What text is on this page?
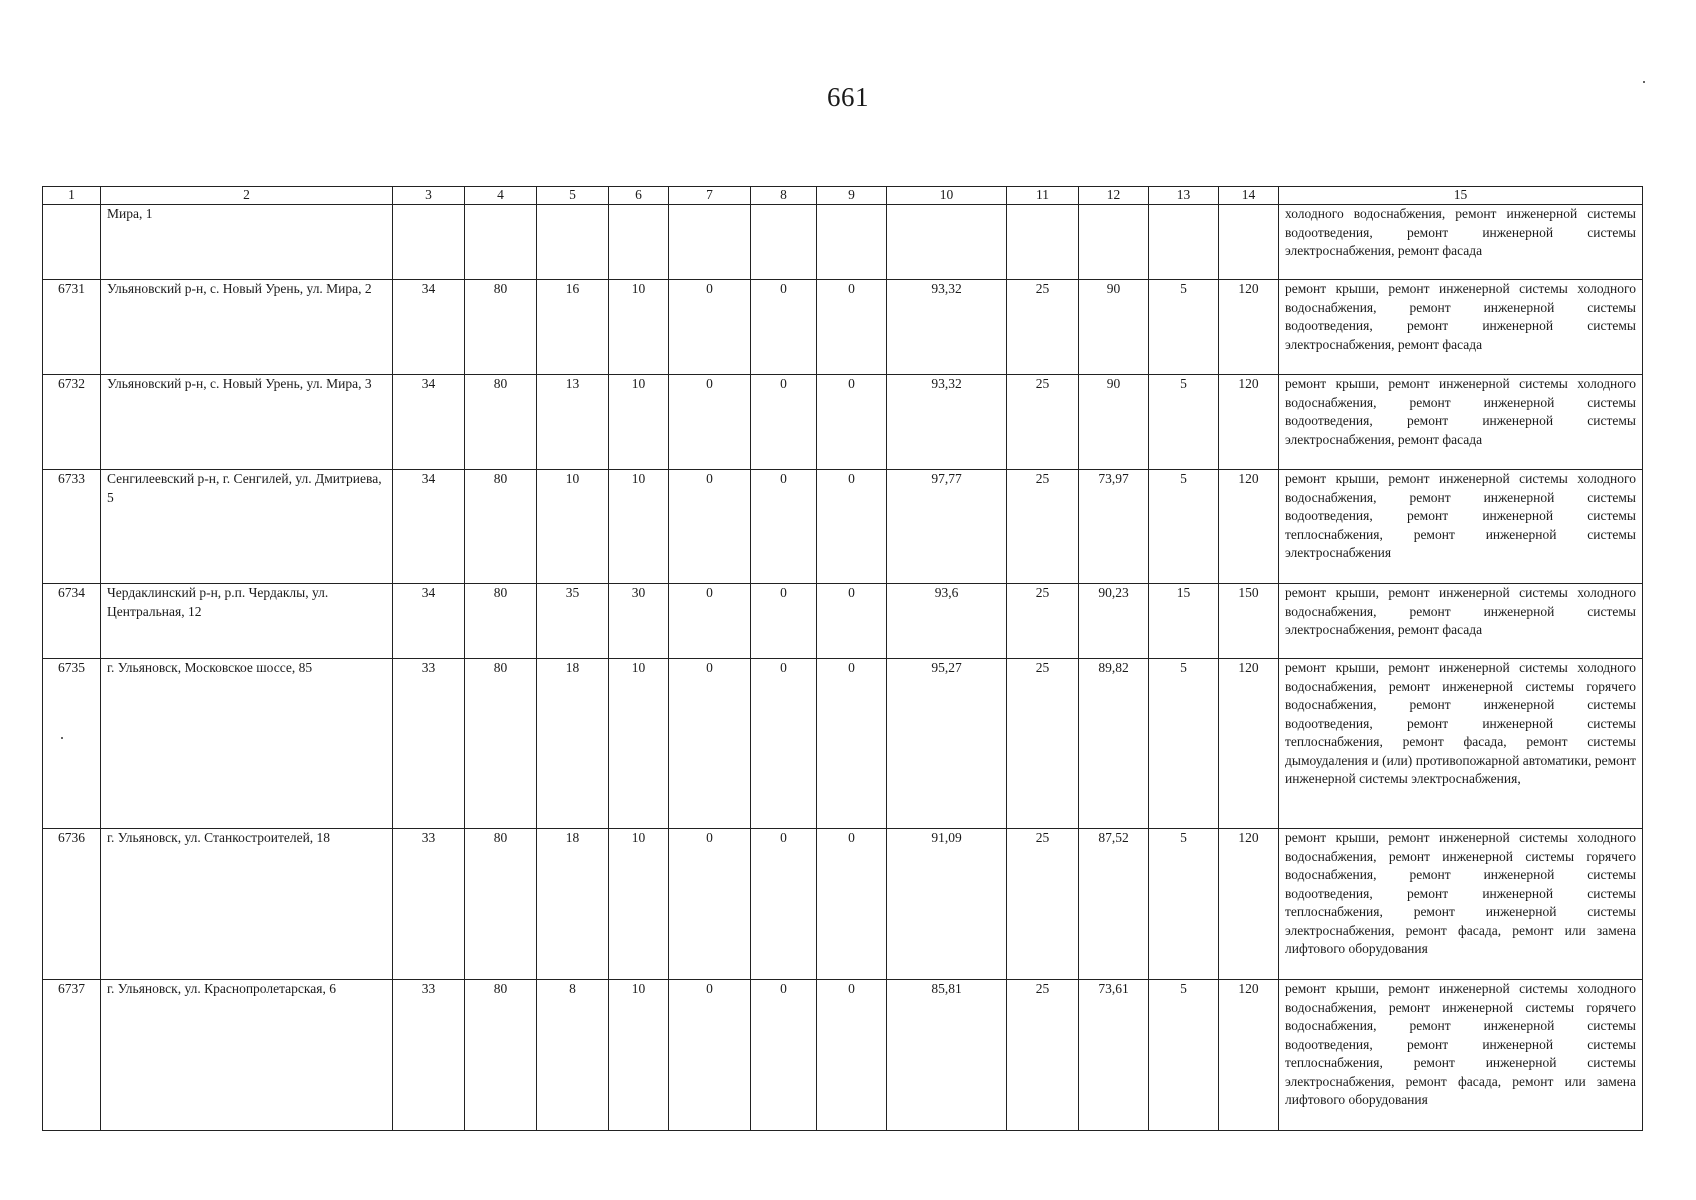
661
1	2	3	4	5	6	7	8	9	10	11	12	13	14	15
	Мира, 1													холодного водоснабжения, ремонт инженерной системы водоотведения, ремонт инженерной системы электроснабжения, ремонт фасада
6731	Ульяновский р-н, с. Новый Урень, ул. Мира, 2	34	80	16	10	0	0	0	93,32	25	90	5	120	ремонт крыши, ремонт инженерной системы холодного водоснабжения, ремонт инженерной системы водоотведения, ремонт инженерной системы электроснабжения, ремонт фасада
6732	Ульяновский р-н, с. Новый Урень, ул. Мира, 3	34	80	13	10	0	0	0	93,32	25	90	5	120	ремонт крыши, ремонт инженерной системы холодного водоснабжения, ремонт инженерной системы водоотведения, ремонт инженерной системы электроснабжения, ремонт фасада
6733	Сенгилеевский р-н, г. Сенгилей, ул. Дмитриева, 5	34	80	10	10	0	0	0	97,77	25	73,97	5	120	ремонт крыши, ремонт инженерной системы холодного водоснабжения, ремонт инженерной системы водоотведения, ремонт инженерной системы теплоснабжения, ремонт инженерной системы электроснабжения
6734	Чердаклинский р-н, р.п. Чердаклы, ул. Центральная, 12	34	80	35	30	0	0	0	93,6	25	90,23	15	150	ремонт крыши, ремонт инженерной системы холодного водоснабжения, ремонт инженерной системы электроснабжения, ремонт фасада
6735	г. Ульяновск, Московское шоссе, 85	33	80	18	10	0	0	0	95,27	25	89,82	5	120	ремонт крыши, ремонт инженерной системы холодного водоснабжения, ремонт инженерной системы горячего водоснабжения, ремонт инженерной системы водоотведения, ремонт инженерной системы теплоснабжения, ремонт фасада, ремонт системы дымоудаления и (или) противопожарной автоматики, ремонт инженерной системы электроснабжения,
6736	г. Ульяновск, ул. Станкостроителей, 18	33	80	18	10	0	0	0	91,09	25	87,52	5	120	ремонт крыши, ремонт инженерной системы холодного водоснабжения, ремонт инженерной системы горячего водоснабжения, ремонт инженерной системы водоотведения, ремонт инженерной системы теплоснабжения, ремонт инженерной системы электроснабжения, ремонт фасада, ремонт или замена лифтового оборудования
6737	г. Ульяновск, ул. Краснопролетарская, 6	33	80	8	10	0	0	0	85,81	25	73,61	5	120	ремонт крыши, ремонт инженерной системы холодного водоснабжения, ремонт инженерной системы горячего водоснабжения, ремонт инженерной системы водоотведения, ремонт инженерной системы теплоснабжения, ремонт инженерной системы электроснабжения, ремонт фасада, ремонт или замена лифтового оборудования
